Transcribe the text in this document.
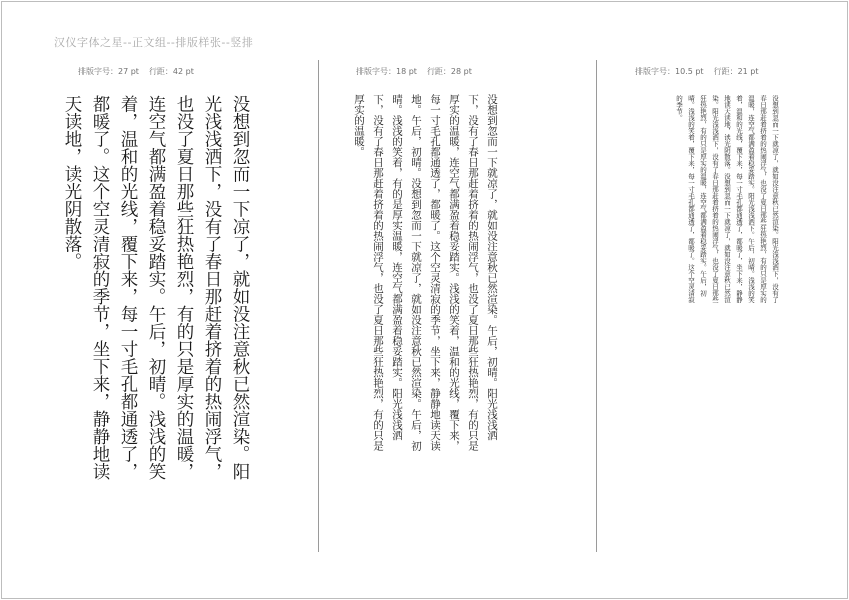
汉仪字体之星--正文组--排版样张--竖排
排版字号：27 pt 行距：42 pt	排版字号：18 pt 行距：28 pt	排版字号：10.5 pt 行距：21 pt

没想到忽而一下凉了，就如没注意秋已然渲染。阳光浅浅洒下，没有了春日那赶着挤着的热闹浮气，也没了夏日那些狂热艳烈，有的只是厚实的温暖，连空气都满盈着稳妥踏实。午后，初晴。浅浅的笑着，温和的光线，覆下来，每一寸毛孔都通透了，都暖了。这个空灵清寂的季节，坐下来，静静地读天读地，读光阴散落。	没想到忽而一下就凉了，就如没注意秋已然渲染。午后，初晴。阳光浅浅洒下，没有了春日那赶着挤着的热闹浮气，也没了夏日那些狂热艳烈，有的只是厚实的温暖，连空气都满盈着稳妥踏实。浅浅的笑着，温和的光线，覆下来，每一寸毛孔都通透了，都暖了。这个空灵清寂的季节，坐下来，静静地读天读地。午后，初晴。没想到忽而一下就凉了，就如没注意秋已然渲染。午后，初晴。浅浅的笑着，有的是厚实温暖，连空气都满盈着稳妥踏实。阳光浅浅洒下，没有了春日那赶着挤着的热闹浮气，也没了夏日那些狂热艳烈，有的只是厚实的温暖。	没想到忽而一下就凉了，就如没注意秋已然渲染。阳光浅浅洒下，没有了春日那赶着挤着的热闹浮气，也没了夏日那些狂热艳烈，有的只是厚实的温暖，连空气都满盈着稳妥踏实。阳光浅浅洒下。午后，初晴。浅浅的笑着，温和的光线，覆下来，每一寸毛孔都通透了，都暖了，坐下来，静静地读天读地，读光阴散落。没想到忽而一下就凉了，就如没注意秋已然渲染。阳光浅浅洒下，没有了春日那赶着挤着的热闹浮气，也没了夏日那些狂热艳烈，有的只是厚实的温暖，连空气都满盈着稳妥踏实。午后，初晴。浅浅的笑着，覆下来，每一寸毛孔都通透了，都暖了。这个空灵清寂的季节。
